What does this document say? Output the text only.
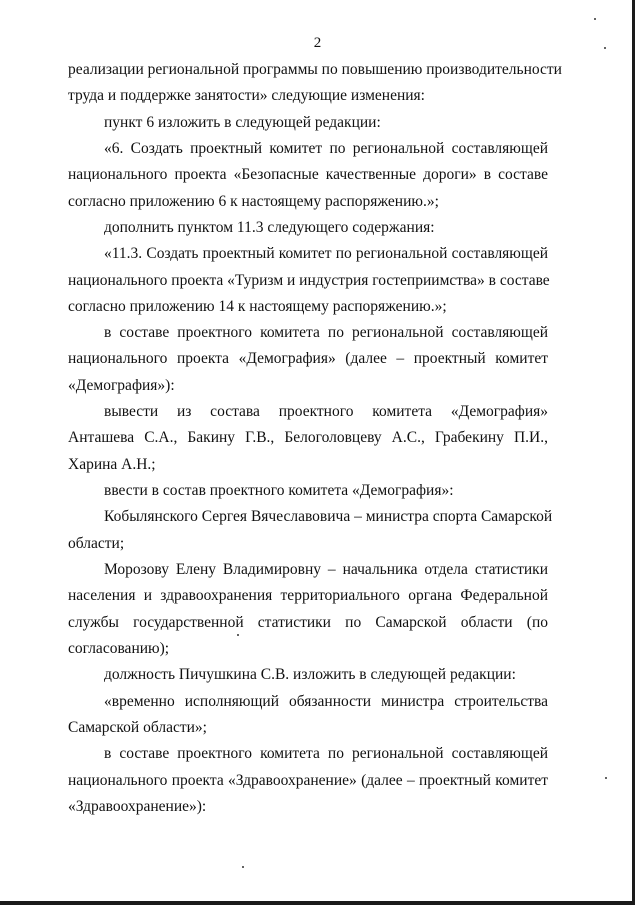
2
реализации региональной программы по повышению производительности
труда и поддержке занятости» следующие изменения:
пункт 6 изложить в следующей редакции:
«6. Создать проектный комитет по региональной составляющей
национального проекта «Безопасные качественные дороги» в составе
согласно приложению 6 к настоящему распоряжению.»;
дополнить пунктом 11.3 следующего содержания:
«11.3. Создать проектный комитет по региональной составляющей
национального проекта «Туризм и индустрия гостеприимства» в составе
согласно приложению 14 к настоящему распоряжению.»;
в составе проектного комитета по региональной составляющей
национального проекта «Демография» (далее – проектный комитет
«Демография»):
вывести из состава проектного комитета «Демография»
Анташева С.А., Бакину Г.В., Белоголовцеву А.С., Грабекину П.И.,
Харина А.Н.;
ввести в состав проектного комитета «Демография»:
Кобылянского Сергея Вячеславовича – министра спорта Самарской
области;
Морозову Елену Владимировну – начальника отдела статистики
населения и здравоохранения территориального органа Федеральной
службы государственной статистики по Самарской области (по
согласованию);
должность Пичушкина С.В. изложить в следующей редакции:
«временно исполняющий обязанности министра строительства
Самарской области»;
в составе проектного комитета по региональной составляющей
национального проекта «Здравоохранение» (далее – проектный комитет
«Здравоохранение»):
